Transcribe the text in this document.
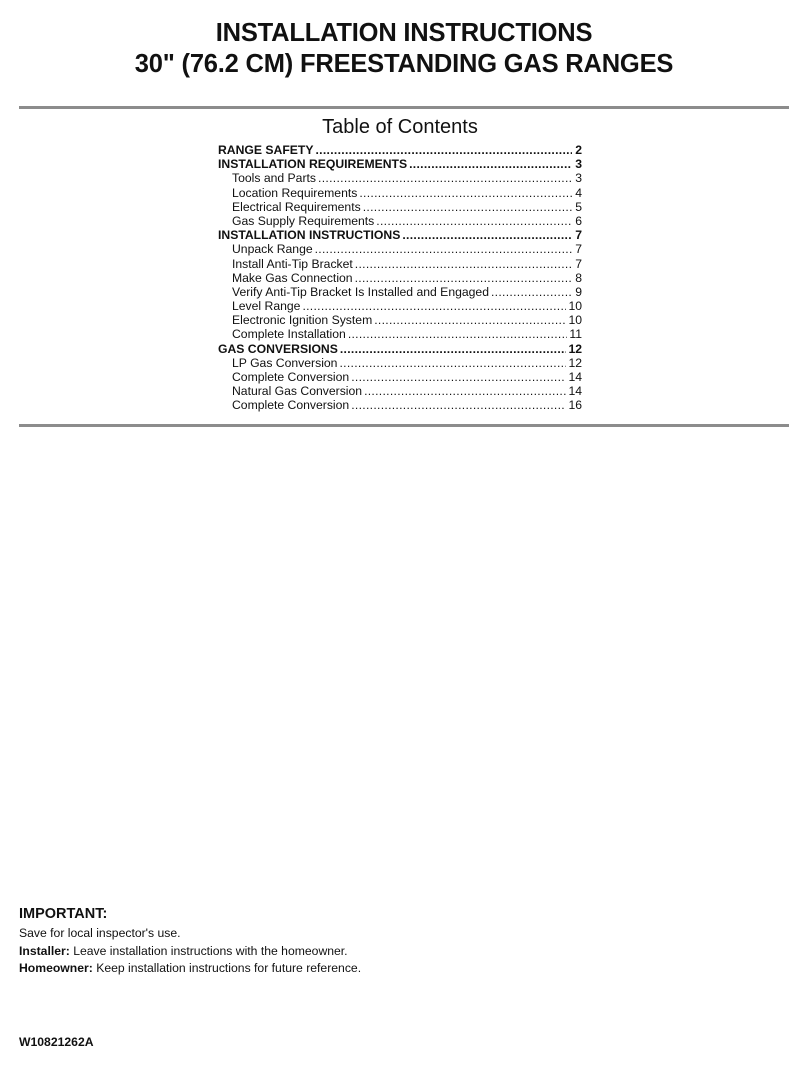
INSTALLATION INSTRUCTIONS
30" (76.2 CM) FREESTANDING GAS RANGES
Table of Contents
RANGE SAFETY .....	2
INSTALLATION REQUIREMENTS .....	3
Tools and Parts .....	3
Location Requirements .....	4
Electrical Requirements .....	5
Gas Supply Requirements .....	6
INSTALLATION INSTRUCTIONS .....	7
Unpack Range .....	7
Install Anti-Tip Bracket .....	7
Make Gas Connection .....	8
Verify Anti-Tip Bracket Is Installed and Engaged .....	9
Level Range .....	10
Electronic Ignition System .....	10
Complete Installation .....	11
GAS CONVERSIONS .....	12
LP Gas Conversion .....	12
Complete Conversion .....	14
Natural Gas Conversion .....	14
Complete Conversion .....	16
IMPORTANT:
Save for local inspector's use.
Installer: Leave installation instructions with the homeowner.
Homeowner: Keep installation instructions for future reference.
W10821262A
